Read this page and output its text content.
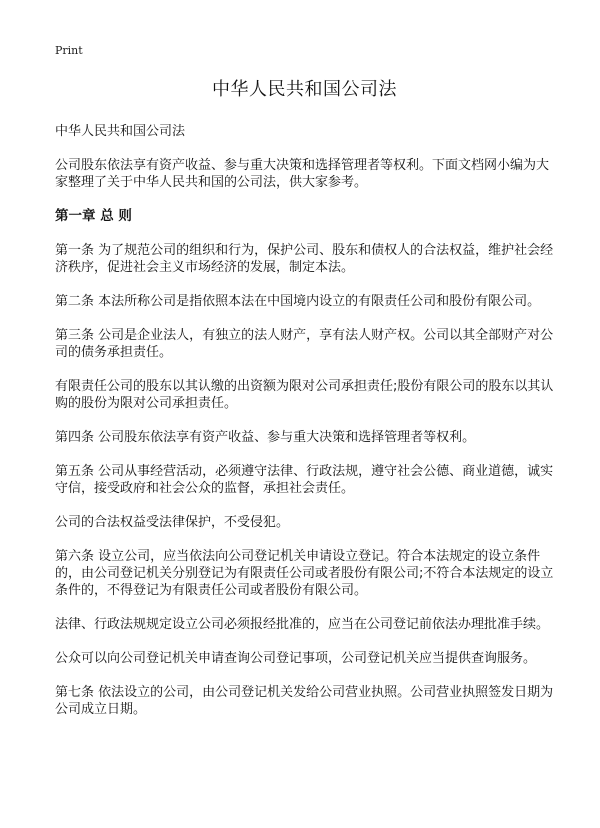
Print
中华人民共和国公司法

中华人民共和国公司法

公司股东依法享有资产收益、参与重大决策和选择管理者等权利。下面文档网小编为大家整理了关于中华人民共和国的公司法，供大家参考。

第一章 总 则

第一条 为了规范公司的组织和行为，保护公司、股东和债权人的合法权益，维护社会经济秩序，促进社会主义市场经济的发展，制定本法。

第二条 本法所称公司是指依照本法在中国境内设立的有限责任公司和股份有限公司。

第三条 公司是企业法人，有独立的法人财产，享有法人财产权。公司以其全部财产对公司的债务承担责任。

有限责任公司的股东以其认缴的出资额为限对公司承担责任;股份有限公司的股东以其认购的股份为限对公司承担责任。

第四条 公司股东依法享有资产收益、参与重大决策和选择管理者等权利。

第五条 公司从事经营活动，必须遵守法律、行政法规，遵守社会公德、商业道德，诚实守信，接受政府和社会公众的监督，承担社会责任。

公司的合法权益受法律保护，不受侵犯。

第六条 设立公司，应当依法向公司登记机关申请设立登记。符合本法规定的设立条件的，由公司登记机关分别登记为有限责任公司或者股份有限公司;不符合本法规定的设立条件的，不得登记为有限责任公司或者股份有限公司。

法律、行政法规规定设立公司必须报经批准的，应当在公司登记前依法办理批准手续。

公众可以向公司登记机关申请查询公司登记事项，公司登记机关应当提供查询服务。

第七条 依法设立的公司，由公司登记机关发给公司营业执照。公司营业执照签发日期为公司成立日期。
